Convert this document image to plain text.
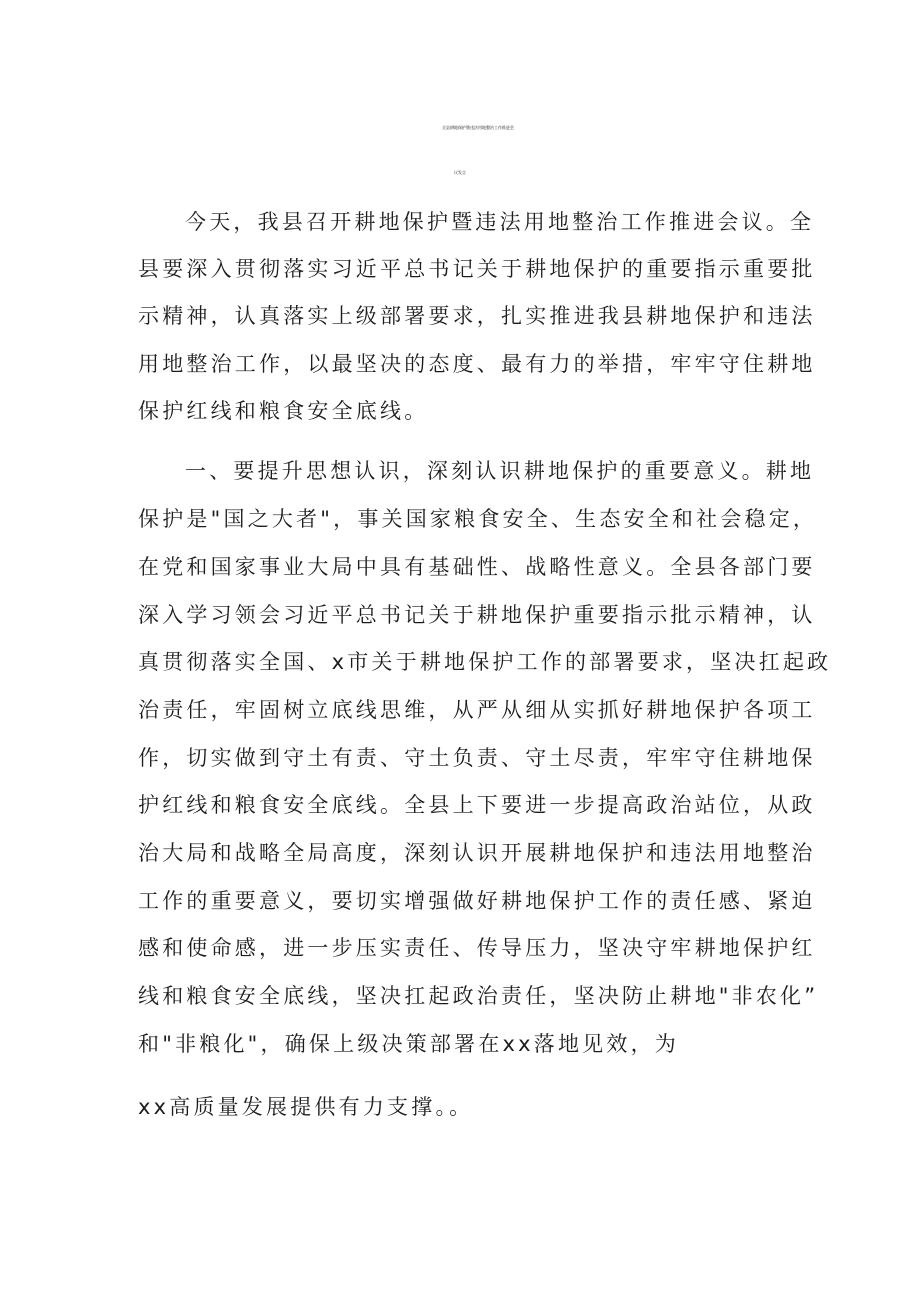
全县耕地保护暨违法用地整治工作推进会
议发言
今天，我县召开耕地保护暨违法用地整治工作推进会议。全
县要深入贯彻落实习近平总书记关于耕地保护的重要指示重要批
示精神，认真落实上级部署要求，扎实推进我县耕地保护和违法
用地整治工作，以最坚决的态度、最有力的举措，牢牢守住耕地
保护红线和粮食安全底线。
一、要提升思想认识，深刻认识耕地保护的重要意义。耕地
保护是"国之大者"，事关国家粮食安全、生态安全和社会稳定，
在党和国家事业大局中具有基础性、战略性意义。全县各部门要
深入学习领会习近平总书记关于耕地保护重要指示批示精神，认
真贯彻落实全国、x市关于耕地保护工作的部署要求，坚决扛起政
治责任，牢固树立底线思维，从严从细从实抓好耕地保护各项工
作，切实做到守土有责、守土负责、守土尽责，牢牢守住耕地保
护红线和粮食安全底线。全县上下要进一步提高政治站位，从政
治大局和战略全局高度，深刻认识开展耕地保护和违法用地整治
工作的重要意义，要切实增强做好耕地保护工作的责任感、紧迫
感和使命感，进一步压实责任、传导压力，坚决守牢耕地保护红
线和粮食安全底线，坚决扛起政治责任，坚决防止耕地"非农化”
和"非粮化"，确保上级决策部署在xx落地见效，为
xx高质量发展提供有力支撑。。
